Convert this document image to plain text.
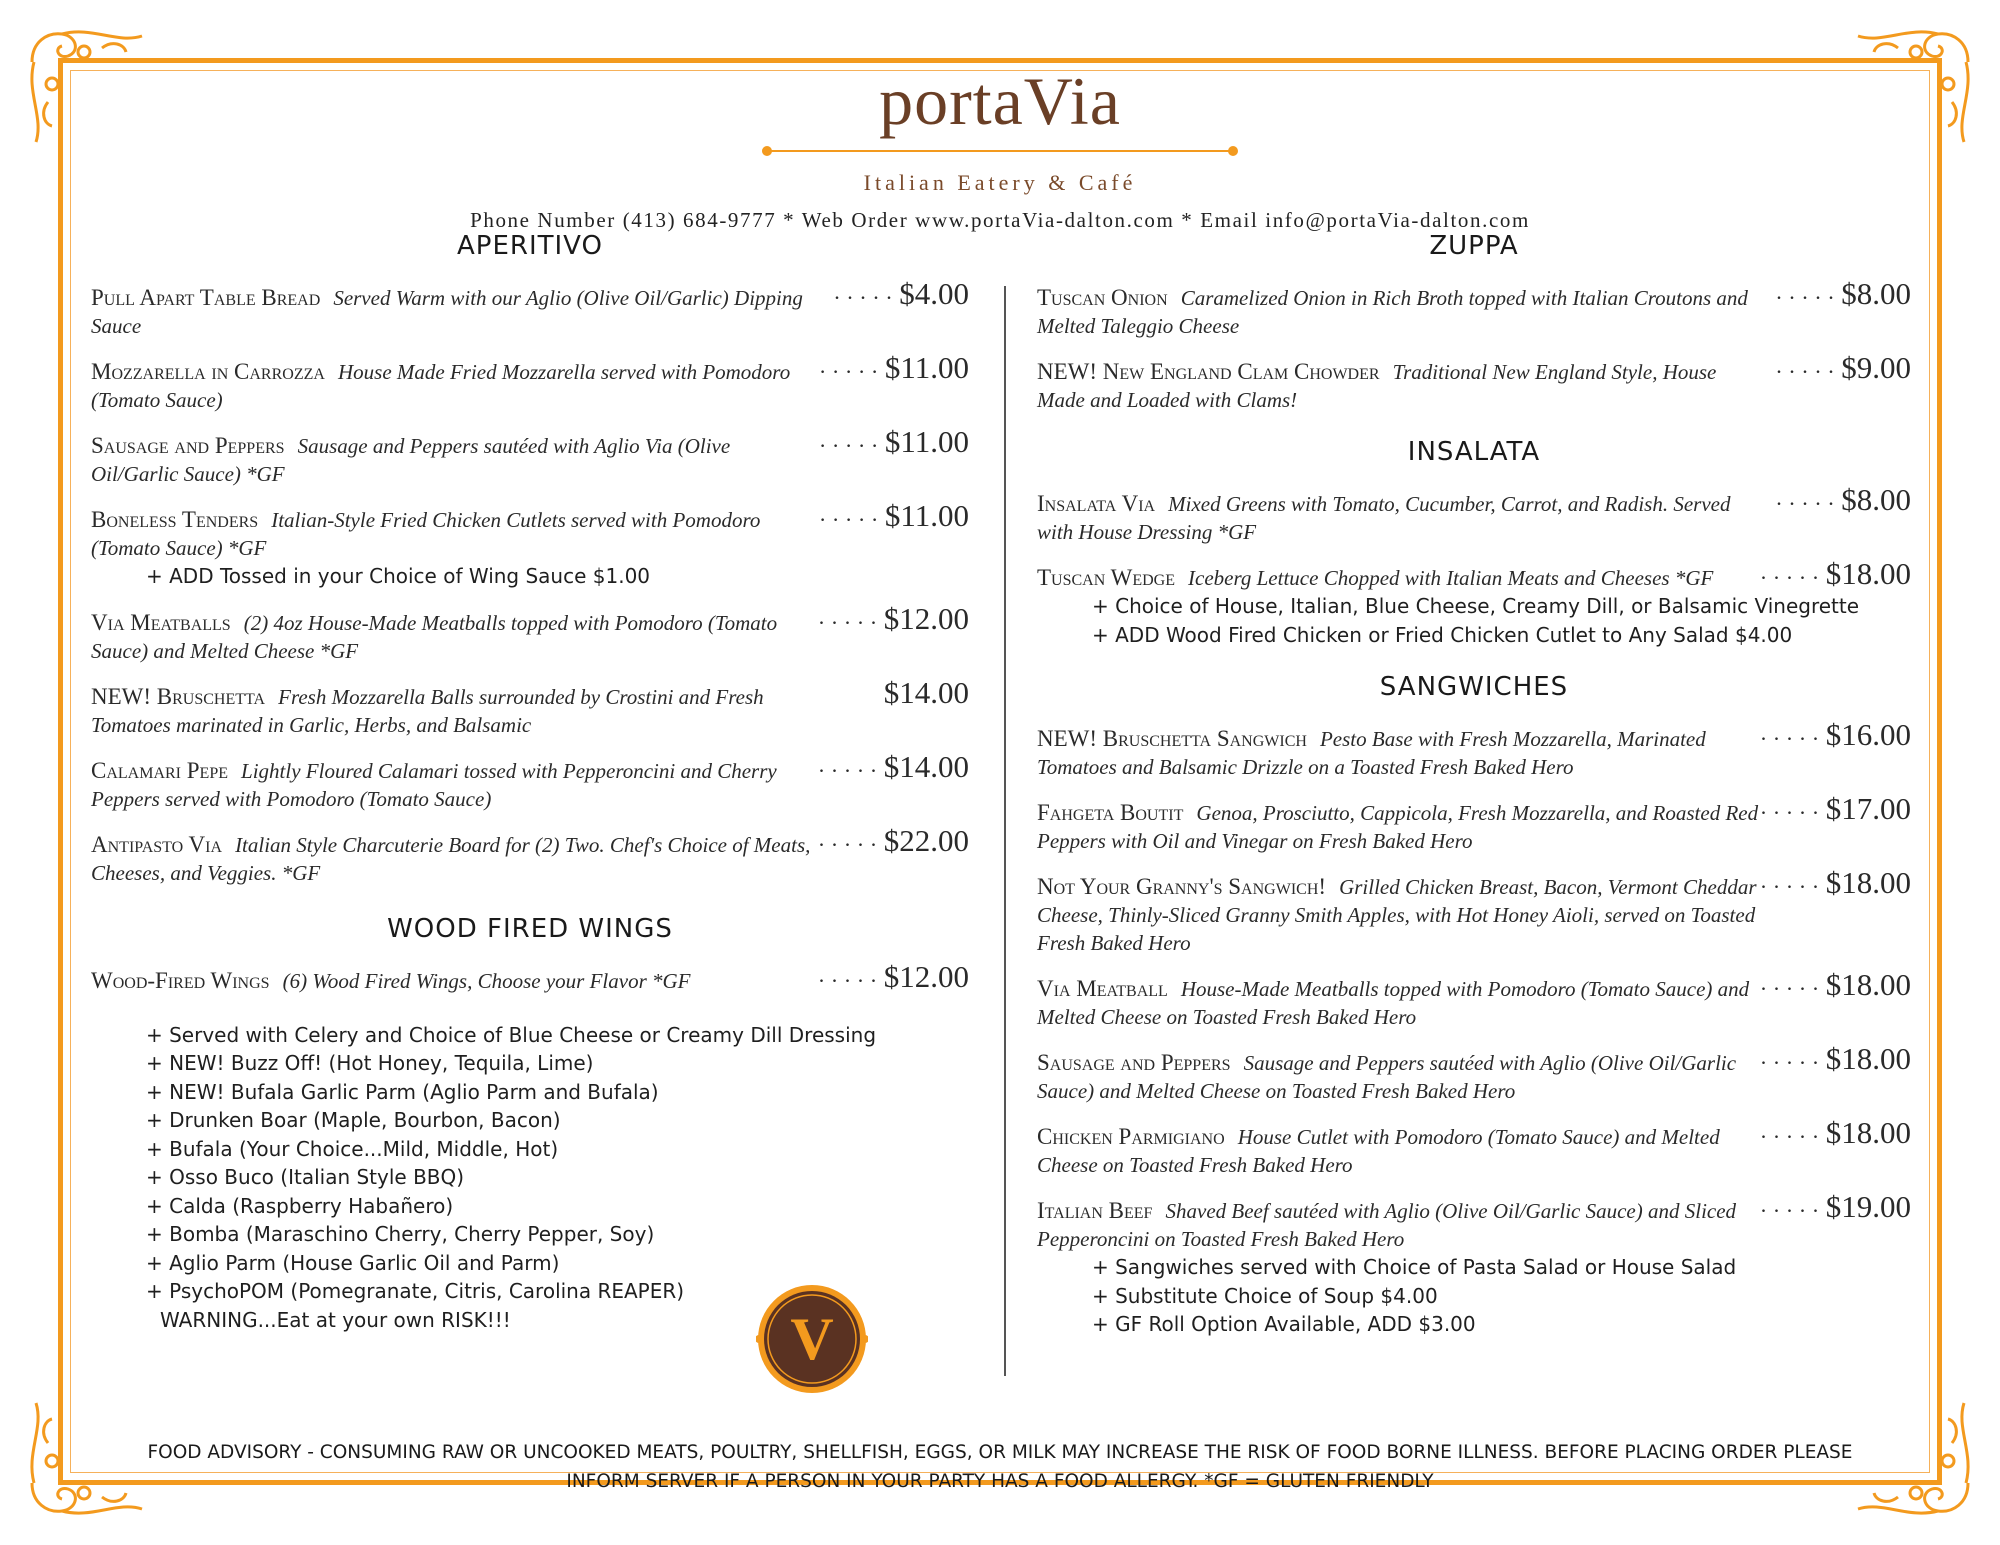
portaVia
Italian Eatery & Café
Phone Number (413) 684-9777 * Web Order www.portaVia-dalton.com * Email info@portaVia-dalton.com
APERITIVO
Pull Apart Table Bread Served Warm with our Aglio (Olive Oil/Garlic) Dipping Sauce
. . . $4.00
Mozzarella in Carrozza House Made Fried Mozzarella served with Pomodoro (Tomato Sauce)
. . . $11.00
Sausage and Peppers Sausage and Peppers sautéed with Aglio Via (Olive Oil/Garlic Sauce) *GF
. . . $11.00
Boneless Tenders Italian-Style Fried Chicken Cutlets served with Pomodoro (Tomato Sauce) *GF
. . . $11.00
+ ADD Tossed in your Choice of Wing Sauce $1.00
Via Meatballs (2) 4oz House-Made Meatballs topped with Pomodoro (Tomato Sauce) and Melted Cheese *GF
. . . $12.00
NEW! Bruschetta Fresh Mozzarella Balls surrounded by Crostini and Fresh Tomatoes marinated in Garlic, Herbs, and Balsamic
$14.00
Calamari Pepe Lightly Floured Calamari tossed with Pepperoncini and Cherry Peppers served with Pomodoro (Tomato Sauce)
. . . $14.00
Antipasto Via Italian Style Charcuterie Board for (2) Two. Chef's Choice of Meats, Cheeses, and Veggies. *GF
. . . $22.00
WOOD FIRED WINGS
Wood-Fired Wings (6) Wood Fired Wings, Choose your Flavor *GF	. . . $12.00
+ Served with Celery and Choice of Blue Cheese or Creamy Dill Dressing
+ NEW! Buzz Off! (Hot Honey, Tequila, Lime)
+ NEW! Bufala Garlic Parm (Aglio Parm and Bufala)
+ Drunken Boar (Maple, Bourbon, Bacon)
+ Bufala (Your Choice...Mild, Middle, Hot)
+ Osso Buco (Italian Style BBQ)
+ Calda (Raspberry Habañero)
+ Bomba (Maraschino Cherry, Cherry Pepper, Soy)
+ Aglio Parm (House Garlic Oil and Parm)
+ PsychoPOM (Pomegranate, Citris, Carolina REAPER)
WARNING...Eat at your own RISK!!!
ZUPPA
Tuscan Onion Caramelized Onion in Rich Broth topped with Italian Croutons and Melted Taleggio Cheese
. . . $8.00
NEW! New England Clam Chowder Traditional New England Style, House Made and Loaded with Clams!
. . . $9.00
INSALATA
Insalata Via Mixed Greens with Tomato, Cucumber, Carrot, and Radish. Served with House Dressing *GF
. . . $8.00
Tuscan Wedge Iceberg Lettuce Chopped with Italian Meats and Cheeses *GF	. . . $18.00
+ Choice of House, Italian, Blue Cheese, Creamy Dill, or Balsamic Vinegrette
+ ADD Wood Fired Chicken or Fried Chicken Cutlet to Any Salad $4.00
SANGWICHES
NEW! Bruschetta Sangwich Pesto Base with Fresh Mozzarella, Marinated Tomatoes and Balsamic Drizzle on a Toasted Fresh Baked Hero
. . . $16.00
Fahgeta Boutit Genoa, Prosciutto, Cappicola, Fresh Mozzarella, and Roasted Red Peppers with Oil and Vinegar on Fresh Baked Hero
. . . $17.00
Not Your Granny's Sangwich! Grilled Chicken Breast, Bacon, Vermont Cheddar Cheese, Thinly-Sliced Granny Smith Apples, with Hot Honey Aioli, served on Toasted Fresh Baked Hero
. . . $18.00
Via Meatball House-Made Meatballs topped with Pomodoro (Tomato Sauce) and Melted Cheese on Toasted Fresh Baked Hero
. . . $18.00
Sausage and Peppers Sausage and Peppers sautéed with Aglio (Olive Oil/Garlic Sauce) and Melted Cheese on Toasted Fresh Baked Hero
. . . $18.00
Chicken Parmigiano House Cutlet with Pomodoro (Tomato Sauce) and Melted Cheese on Toasted Fresh Baked Hero
. . . $18.00
Italian Beef Shaved Beef sautéed with Aglio (Olive Oil/Garlic Sauce) and Sliced Pepperoncini on Toasted Fresh Baked Hero
. . . $19.00
+ Sangwiches served with Choice of Pasta Salad or House Salad
+ Substitute Choice of Soup $4.00
+ GF Roll Option Available, ADD $3.00
V
FOOD ADVISORY - CONSUMING RAW OR UNCOOKED MEATS, POULTRY, SHELLFISH, EGGS, OR MILK MAY INCREASE THE RISK OF FOOD BORNE ILLNESS. BEFORE PLACING ORDER PLEASE
INFORM SERVER IF A PERSON IN YOUR PARTY HAS A FOOD ALLERGY. *GF = GLUTEN FRIENDLY
